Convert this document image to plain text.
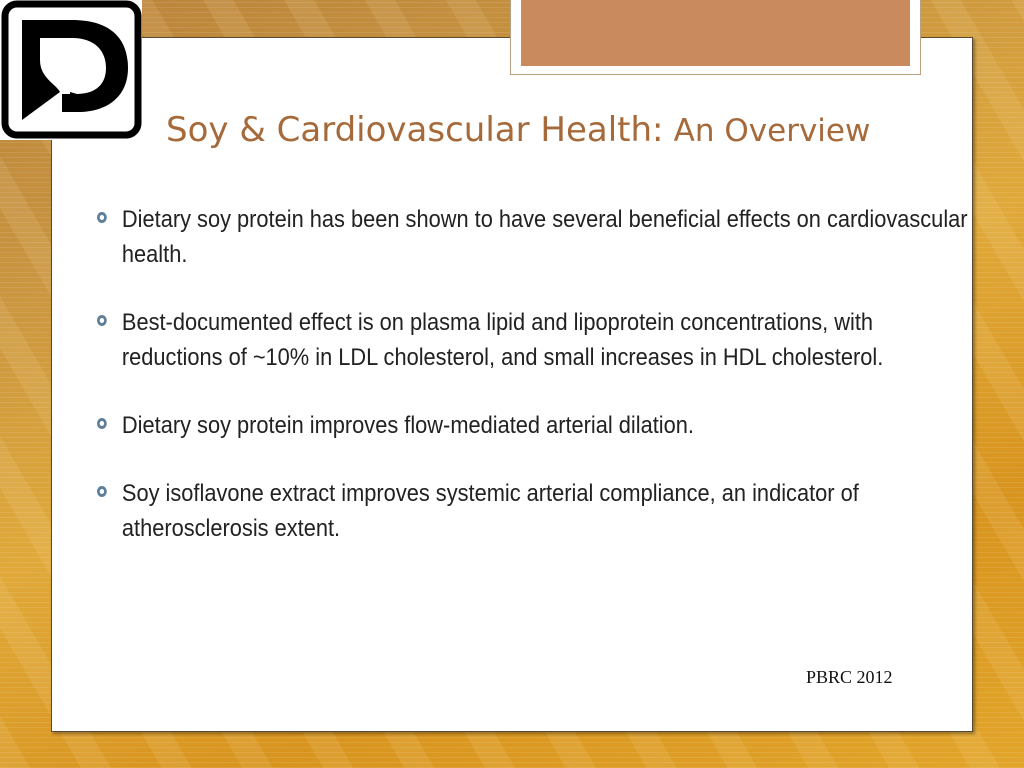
Soy & Cardiovascular Health: An Overview
Dietary soy protein has been shown to have several beneficial effects on cardiovascular health.
Best-documented effect is on plasma lipid and lipoprotein concentrations, with reductions of ~10% in LDL cholesterol, and small increases in HDL cholesterol.
Dietary soy protein improves flow-mediated arterial dilation.
Soy isoflavone extract improves systemic arterial compliance, an indicator of atherosclerosis extent.
PBRC 2012
